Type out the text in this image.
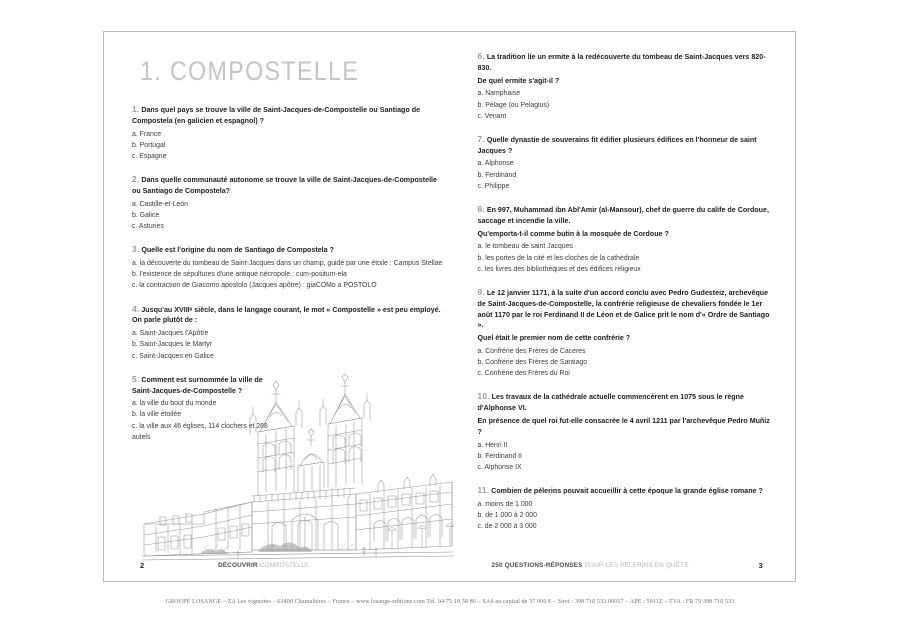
1. COMPOSTELLE
1. Dans quel pays se trouve la ville de Saint-Jacques-de-Compostelle ou Santiago de Compostela (en galicien et espagnol) ?
a. France
b. Portugal
c. Espagne
2. Dans quelle communauté autonome se trouve la ville de Saint-Jacques-de-Compostelle ou Santiago de Compostela?
a. Castille-et-León
b. Galice
c. Asturies
3. Quelle est l'origine du nom de Santiago de Compostela ?
a. la découverte du tombeau de Saint-Jacques dans un champ, guidé par une étoile : Campus Stellae
b. l'existence de sépultures d'une antique nécropole : cum-positum-ela
c. la contraction de Giacomo apostolo (Jacques apôtre) : giaCOMo a POSTOLO
4. Jusqu'au XVIIIᵉ siècle, dans le langage courant, le mot « Compostelle » est peu employé. On parle plutôt de :
a. Saint-Jacques l'Apôtre
b. Saint-Jacques le Martyr
c. Saint-Jacques en Galice
5. Comment est surnommée la ville de Saint-Jacques-de-Compostelle ?
a. la ville du bout du monde
b. la ville étoilée
c. la ville aux 46 églises, 114 clochers et 288 autels
2	DÉCOUVRIR COMPOSTELLE
6. La tradition lie un ermite à la redécouverte du tombeau de Saint-Jacques vers 820-830.
De quel ermite s'agit-il ?
a. Namphaise
b. Pélage (ou Pelagius)
c. Venant
7. Quelle dynastie de souverains fit édifier plusieurs édifices en l'honneur de saint Jacques ?
a. Alphonse
b. Ferdinand
c. Philippe
8. En 997, Muhammad ibn Abî'Amir (al-Mansour), chef de guerre du calife de Cordoue, saccage et incendie la ville.
Qu'emporta-t-il comme butin à la mosquée de Cordoue ?
a. le tombeau de saint Jacques
b. les portes de la cité et les cloches de la cathédrale
c. les livres des bibliothèques et des édifices religieux
9. Le 12 janvier 1171, à la suite d'un accord conclu avec Pedro Gudesteiz, archevêque de Saint-Jacques-de-Compostelle, la confrérie religieuse de chevaliers fondée le 1er août 1170 par le roi Ferdinand II de Léon et de Galice prit le nom d'« Ordre de Santiago ».
Quel était le premier nom de cette confrérie ?
a. Confrérie des Frères de Cáceres
b. Confrérie des Frères de Santiago
c. Confrérie des Frères du Roi
10. Les travaux de la cathédrale actuelle commencèrent en 1075 sous le règne d'Alphonse VI.
En présence de quel roi fut-elle consacrée le 4 avril 1211 par l'archevêque Pedro Muñiz ?
a. Henri II
b. Ferdinand II
c. Alphonse IX
11. Combien de pèlerins pouvait accueillir à cette époque la grande église romane ?
a. moins de 1 000
b. de 1 000 à 2 000
c. de 2 000 à 3 000
250 QUESTIONS-RÉPONSES POUR LES PÈLERINS EN QUÊTE	3
GROUPE LOSANGE – ZA Les vignettes – 63400 Chamalières – France – www.losange-editions.com Tél. 04 75 19 58 80 – SAS au capital de 37 000 € – Siret : 398 710 533 00017 – APE : 5811Z – TVA : FR 79 398 710 533
